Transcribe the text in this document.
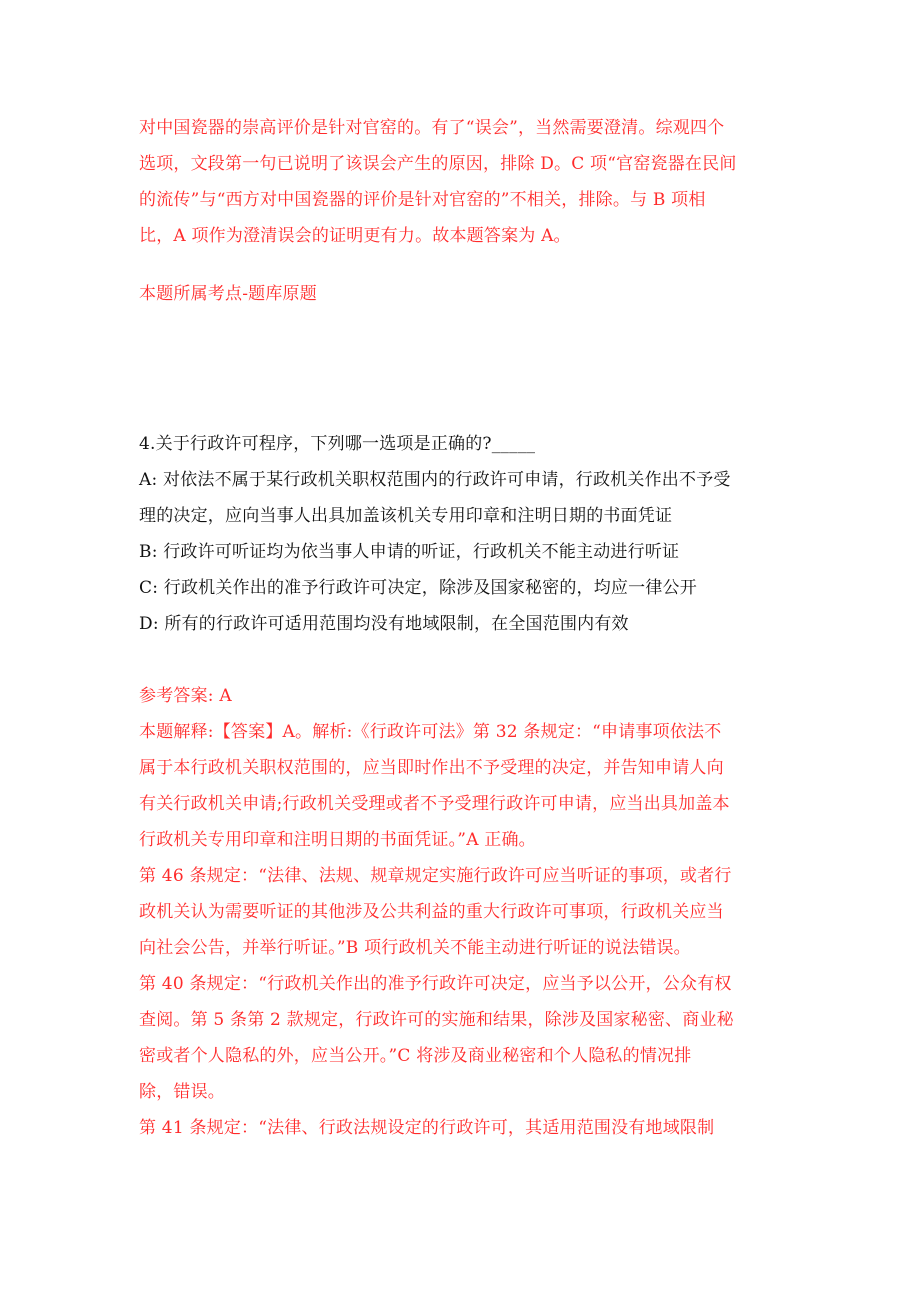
对中国瓷器的崇高评价是针对官窑的。有了“误会”，当然需要澄清。综观四个
选项，文段第一句已说明了该误会产生的原因，排除 D。C 项“官窑瓷器在民间
的流传”与“西方对中国瓷器的评价是针对官窑的”不相关，排除。与 B 项相
比，A 项作为澄清误会的证明更有力。故本题答案为 A。
本题所属考点-题库原题
4.关于行政许可程序，下列哪一选项是正确的?_____
A: 对依法不属于某行政机关职权范围内的行政许可申请，行政机关作出不予受
理的决定，应向当事人出具加盖该机关专用印章和注明日期的书面凭证
B: 行政许可听证均为依当事人申请的听证，行政机关不能主动进行听证
C: 行政机关作出的准予行政许可决定，除涉及国家秘密的，均应一律公开
D: 所有的行政许可适用范围均没有地域限制，在全国范围内有效
参考答案: A
本题解释:【答案】A。解析:《行政许可法》第 32 条规定：“申请事项依法不
属于本行政机关职权范围的，应当即时作出不予受理的决定，并告知申请人向
有关行政机关申请;行政机关受理或者不予受理行政许可申请，应当出具加盖本
行政机关专用印章和注明日期的书面凭证。”A 正确。
第 46 条规定：“法律、法规、规章规定实施行政许可应当听证的事项，或者行
政机关认为需要听证的其他涉及公共利益的重大行政许可事项，行政机关应当
向社会公告，并举行听证。”B 项行政机关不能主动进行听证的说法错误。
第 40 条规定：“行政机关作出的准予行政许可决定，应当予以公开，公众有权
查阅。第 5 条第 2 款规定，行政许可的实施和结果，除涉及国家秘密、商业秘
密或者个人隐私的外，应当公开。”C 将涉及商业秘密和个人隐私的情况排
除，错误。
第 41 条规定：“法律、行政法规设定的行政许可，其适用范围没有地域限制
